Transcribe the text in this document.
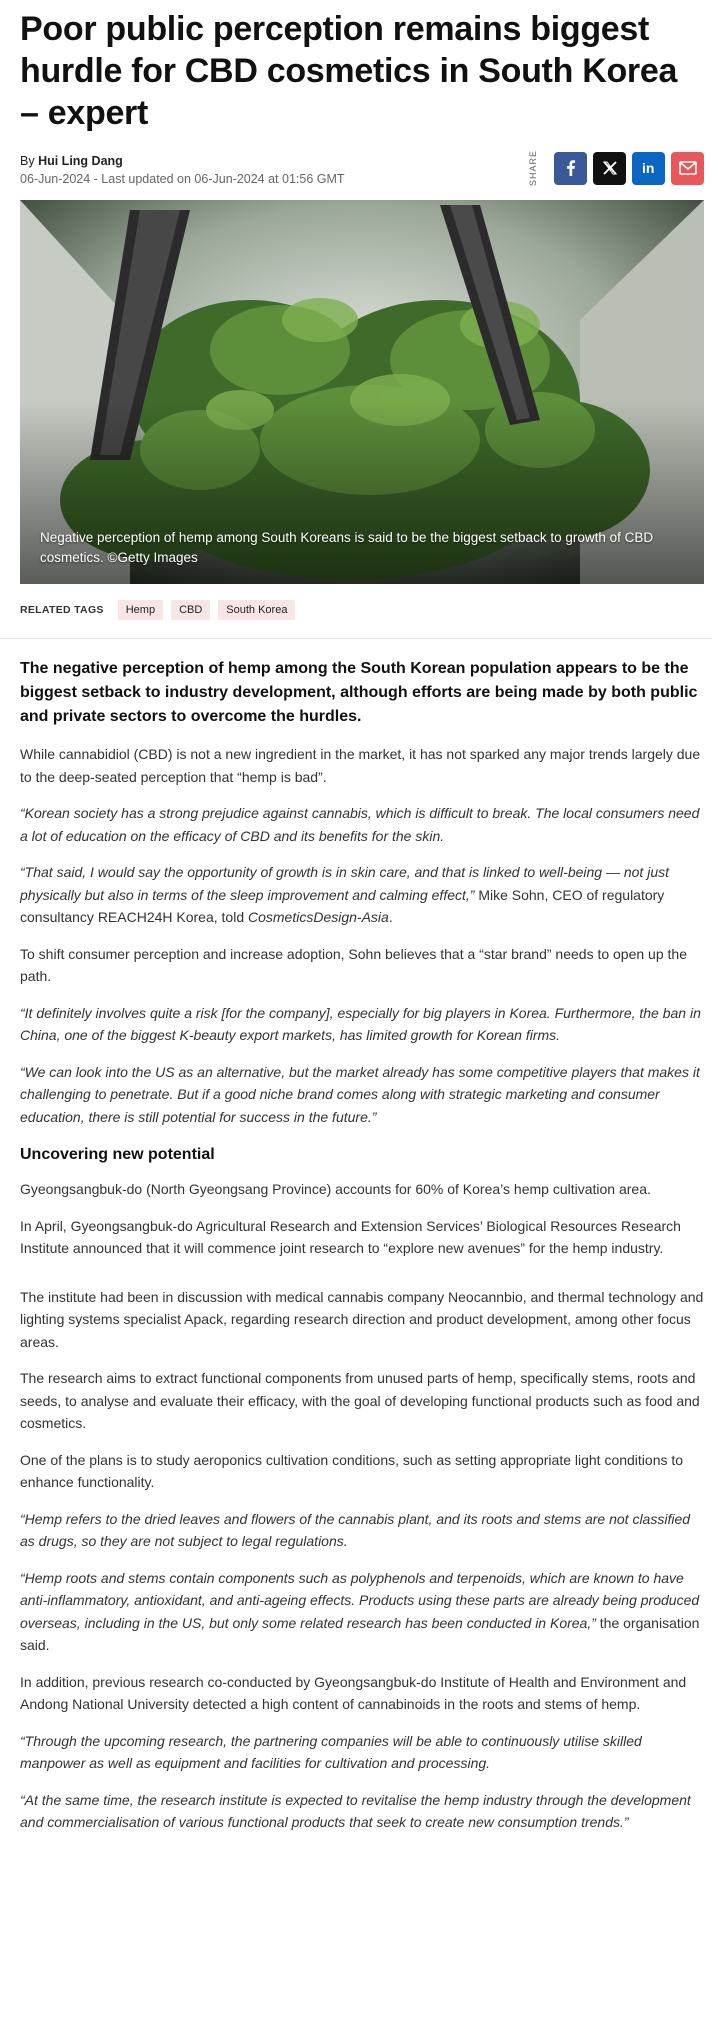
Poor public perception remains biggest hurdle for CBD cosmetics in South Korea – expert
By Hui Ling Dang
06-Jun-2024 - Last updated on 06-Jun-2024 at 01:56 GMT	SHARE	in
Negative perception of hemp among South Koreans is said to be the biggest setback to growth of CBD cosmetics. ©Getty Images
RELATED TAGS	Hemp	CBD	South Korea

The negative perception of hemp among the South Korean population appears to be the biggest setback to industry development, although efforts are being made by both public and private sectors to overcome the hurdles.

While cannabidiol (CBD) is not a new ingredient in the market, it has not sparked any major trends largely due to the deep-seated perception that “hemp is bad”.

“Korean society has a strong prejudice against cannabis, which is difficult to break. The local consumers need a lot of education on the efficacy of CBD and its benefits for the skin.

“That said, I would say the opportunity of growth is in skin care, and that is linked to well-being — not just physically but also in terms of the sleep improvement and calming effect,” Mike Sohn, CEO of regulatory consultancy REACH24H Korea, told CosmeticsDesign-Asia.

To shift consumer perception and increase adoption, Sohn believes that a “star brand” needs to open up the path.

“It definitely involves quite a risk [for the company], especially for big players in Korea. Furthermore, the ban in China, one of the biggest K-beauty export markets, has limited growth for Korean firms.

“We can look into the US as an alternative, but the market already has some competitive players that makes it challenging to penetrate. But if a good niche brand comes along with strategic marketing and consumer education, there is still potential for success in the future.”

Uncovering new potential

Gyeongsangbuk-do (North Gyeongsang Province) accounts for 60% of Korea’s hemp cultivation area.

In April, Gyeongsangbuk-do Agricultural Research and Extension Services’ Biological Resources Research Institute announced that it will commence joint research to “explore new avenues” for the hemp industry.

The institute had been in discussion with medical cannabis company Neocannbio, and thermal technology and lighting systems specialist Apack, regarding research direction and product development, among other focus areas.

The research aims to extract functional components from unused parts of hemp, specifically stems, roots and seeds, to analyse and evaluate their efficacy, with the goal of developing functional products such as food and cosmetics.

One of the plans is to study aeroponics cultivation conditions, such as setting appropriate light conditions to enhance functionality.

“Hemp refers to the dried leaves and flowers of the cannabis plant, and its roots and stems are not classified as drugs, so they are not subject to legal regulations.

“Hemp roots and stems contain components such as polyphenols and terpenoids, which are known to have anti-inflammatory, antioxidant, and anti-ageing effects. Products using these parts are already being produced overseas, including in the US, but only some related research has been conducted in Korea,” the organisation said.

In addition, previous research co-conducted by Gyeongsangbuk-do Institute of Health and Environment and Andong National University detected a high content of cannabinoids in the roots and stems of hemp.

“Through the upcoming research, the partnering companies will be able to continuously utilise skilled manpower as well as equipment and facilities for cultivation and processing.

“At the same time, the research institute is expected to revitalise the hemp industry through the development and commercialisation of various functional products that seek to create new consumption trends.”
